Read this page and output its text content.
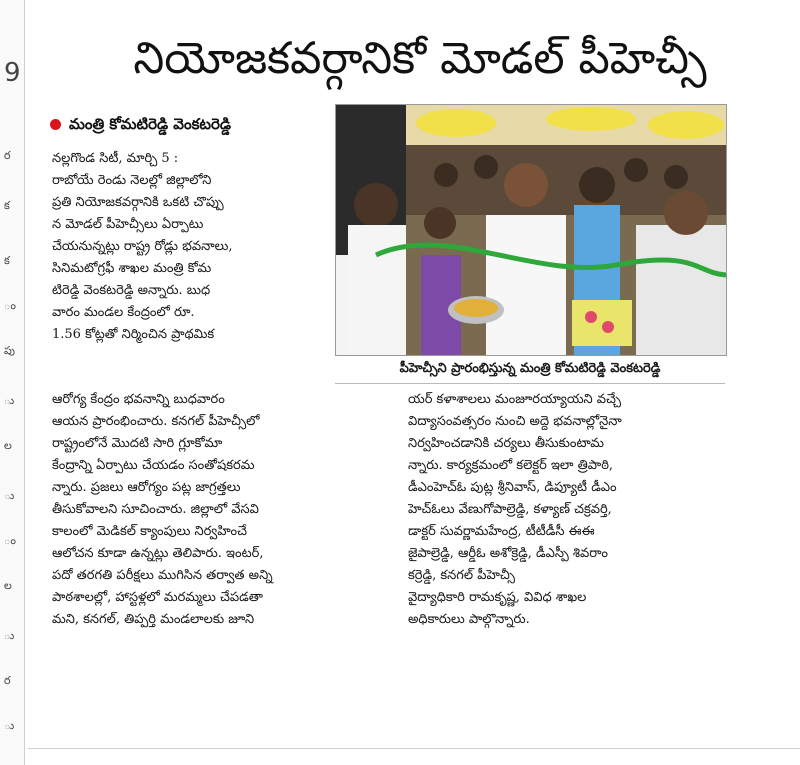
9
ర
క
క
ం
పు
ు
ల
ు
ం
ల
ు
ర
ు
నియోజకవర్గానికో మోడల్ పీహెచ్సీ
మంత్రి కోమటిరెడ్డి వెంకటరెడ్డి
నల్లగొండ సిటీ, మార్చి 5 :
రాబోయే రెండు నెలల్లో జిల్లాలోని
ప్రతి నియోజకవర్గానికి ఒకటి చొప్పు
న మోడల్ పీహెచ్సీలు ఏర్పాటు
చేయనున్నట్లు రాష్ట్ర రోడ్లు భవనాలు,
సినిమటోగ్రఫీ శాఖల మంత్రి కోమ
టిరెడ్డి వెంకటరెడ్డి అన్నారు. బుధ
వారం మండల కేంద్రంలో రూ.
1.56 కోట్లతో నిర్మించిన ప్రాథమిక
పీహెచ్సీని ప్రారంభిస్తున్న మంత్రి కోమటిరెడ్డి వెంకటరెడ్డి
ఆరోగ్య కేంద్రం భవనాన్ని బుధవారం
ఆయన ప్రారంభించారు. కనగల్ పీహెచ్సీలో
రాష్ట్రంలోనే మొదటి సారి గ్లూకోమా
కేంద్రాన్ని ఏర్పాటు చేయడం సంతోషకరమ
న్నారు. ప్రజలు ఆరోగ్యం పట్ల జాగ్రత్తలు
తీసుకోవాలని సూచించారు. జిల్లాలో వేసవి
కాలంలో మెడికల్ క్యాంపులు నిర్వహించే
ఆలోచన కూడా ఉన్నట్లు తెలిపారు. ఇంటర్,
పదో తరగతి పరీక్షలు ముగిసిన తర్వాత అన్ని
పాఠశాలల్లో, హాస్టళ్లలో మరమ్మలు చేపడతా
మని, కనగల్, తిప్పర్తి మండలాలకు జూని
యర్ కళాశాలలు మంజూరయ్యాయని వచ్చే
విద్యాసంవత్సరం నుంచి అద్దె భవనాల్లోనైనా
నిర్వహించడానికి చర్యలు తీసుకుంటామ
న్నారు. కార్యక్రమంలో కలెక్టర్ ఇలా త్రిపాఠి,
డీఎంహెచ్ఓ పుట్ల శ్రీనివాస్, డిప్యూటీ డీఎం
హెచ్ఓలు వేణుగోపాల్రెడ్డి, కళ్యాణ్ చక్రవర్తి,
డాక్టర్ సువర్ణామహేంద్ర, టీటీడీసీ ఈఈ
జైపాల్రెడ్డి, ఆర్డీఓ అశోక్రెడ్డి, డీఎస్పీ శివరాం
కర్రెడ్డి, కనగల్ పీహెచ్సీ
వైద్యాధికారి రామకృష్ణ, వివిధ శాఖల
అధికారులు పాల్గొన్నారు.
